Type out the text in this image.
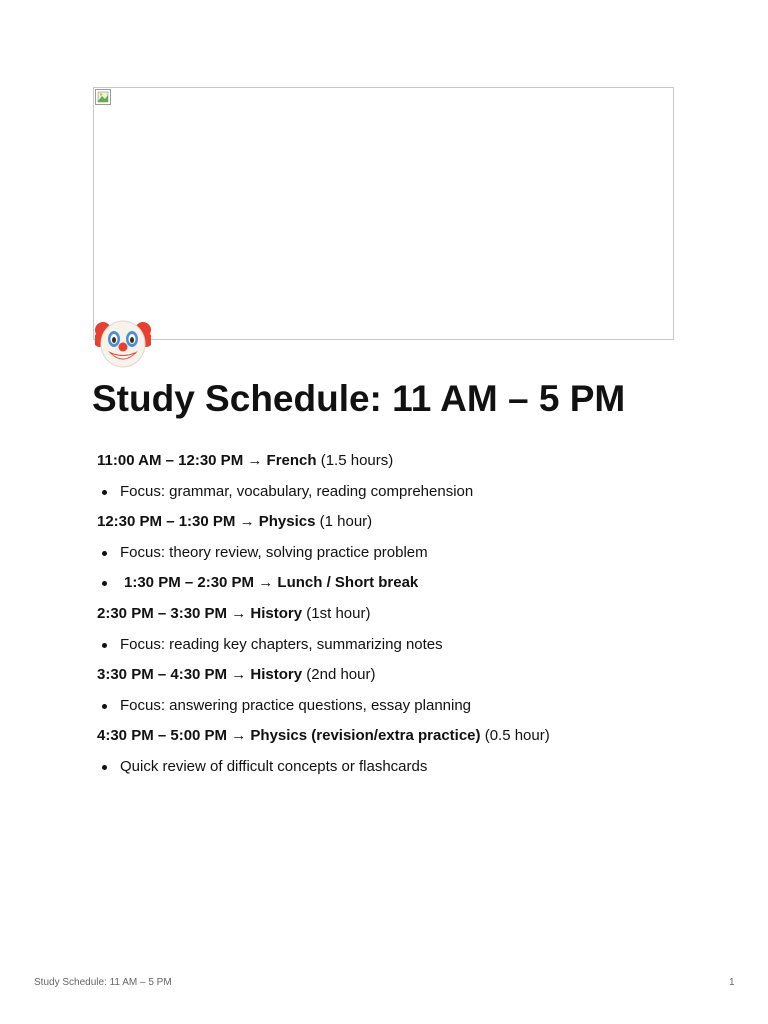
Study Schedule: 11 AM – 5 PM
11:00 AM – 12:30 PM → French (1.5 hours)
Focus: grammar, vocabulary, reading comprehension
12:30 PM – 1:30 PM → Physics (1 hour)
Focus: theory review, solving practice problem
1:30 PM – 2:30 PM → Lunch / Short break
2:30 PM – 3:30 PM → History (1st hour)
Focus: reading key chapters, summarizing notes
3:30 PM – 4:30 PM → History (2nd hour)
Focus: answering practice questions, essay planning
4:30 PM – 5:00 PM → Physics (revision/extra practice) (0.5 hour)
Quick review of difficult concepts or flashcards
Study Schedule: 11 AM – 5 PM	1
